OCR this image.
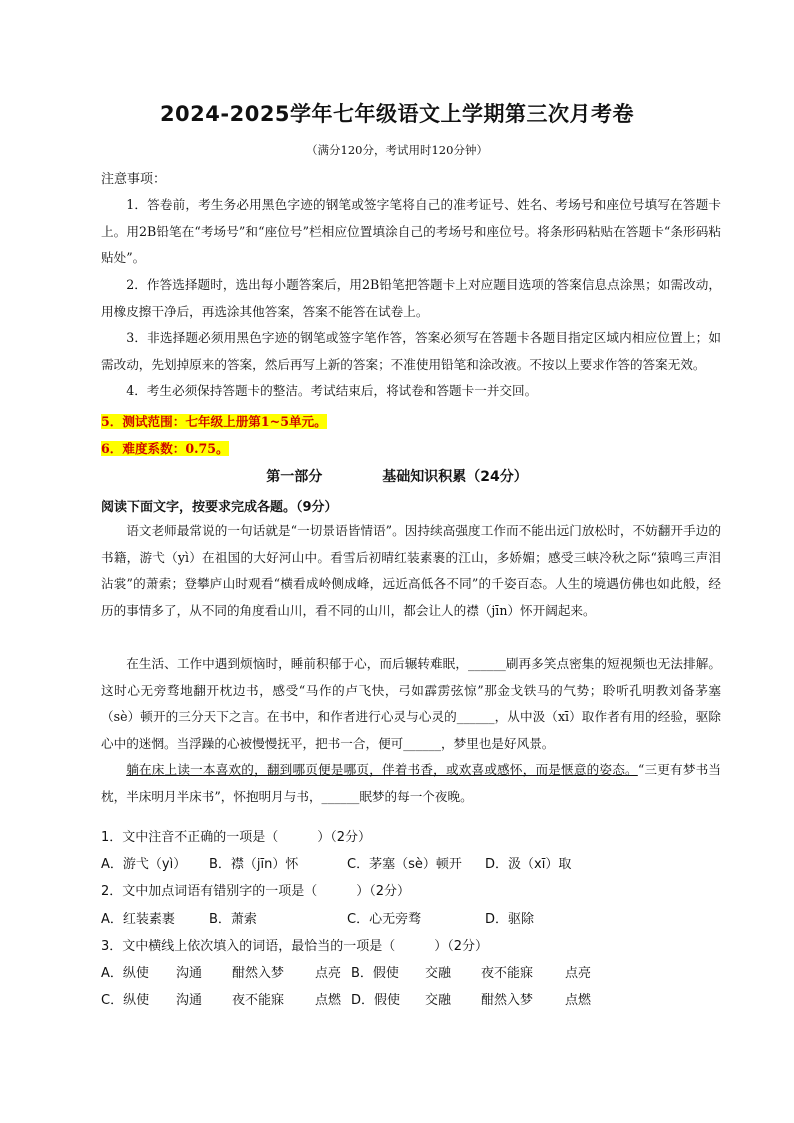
2024-2025学年七年级语文上学期第三次月考卷
（满分120分，考试用时120分钟）
注意事项：

1．答卷前，考生务必用黑色字迹的钢笔或签字笔将自己的准考证号、姓名、考场号和座位号填写在答题卡上。用2B铅笔在“考场号”和“座位号”栏相应位置填涂自己的考场号和座位号。将条形码粘贴在答题卡“条形码粘贴处”。

2．作答选择题时，选出每小题答案后，用2B铅笔把答题卡上对应题目选项的答案信息点涂黑；如需改动，用橡皮擦干净后，再选涂其他答案，答案不能答在试卷上。

3．非选择题必须用黑色字迹的钢笔或签字笔作答，答案必须写在答题卡各题目指定区域内相应位置上；如需改动，先划掉原来的答案，然后再写上新的答案；不准使用铅笔和涂改液。不按以上要求作答的答案无效。

4．考生必须保持答题卡的整洁。考试结束后，将试卷和答题卡一并交回。

5．测试范围：七年级上册第1~5单元。
6．难度系数：0.75。
第一部分	基础知识积累（24分）
阅读下面文字，按要求完成各题。（9分）

语文老师最常说的一句话就是“一切景语皆情语”。因持续高强度工作而不能出远门放松时，不妨翻开手边的书籍，游弋（yì）在祖国的大好河山中。看雪后初晴红装素裹的江山，多娇媚；感受三峡冷秋之际“猿鸣三声泪沾裳”的萧索；登攀庐山时观看“横看成岭侧成峰，远近高低各不同”的千姿百态。人生的境遇仿佛也如此般，经历的事情多了，从不同的角度看山川，看不同的山川，都会让人的襟（jīn）怀开阔起来。

在生活、工作中遇到烦恼时，睡前积郁于心，而后辗转难眠，______刷再多笑点密集的短视频也无法排解。这时心无旁骛地翻开枕边书，感受“马作的卢飞快，弓如霹雳弦惊”那金戈铁马的气势；聆听孔明教刘备茅塞（sè）顿开的三分天下之言。在书中，和作者进行心灵与心灵的______，从中汲（xī）取作者有用的经验，驱除心中的迷惘。当浮躁的心被慢慢抚平，把书一合，便可______，梦里也是好风景。

躺在床上读一本喜欢的，翻到哪页便是哪页，伴着书香，或欢喜或感怀，而是惬意的姿态。“三更有梦书当枕，半床明月半床书”，怀抱明月与书，______眠梦的每一个夜晚。

1．文中注音不正确的一项是（　　　）（2分）
A．游弋（yì） B．襟（jīn）怀	C．茅塞（sè）顿开 D．汲（xī）取
2．文中加点词语有错别字的一项是（　　　）（2分）
A．红装素裹	B．萧索	C．心无旁骛	D．驱除
3．文中横线上依次填入的词语，最恰当的一项是（　　　）（2分）
A．纵使 沟通 酣然入梦 点亮 B．假使 交融 夜不能寐 点亮
C．纵使 沟通 夜不能寐 点燃 D．假使 交融 酣然入梦 点燃
